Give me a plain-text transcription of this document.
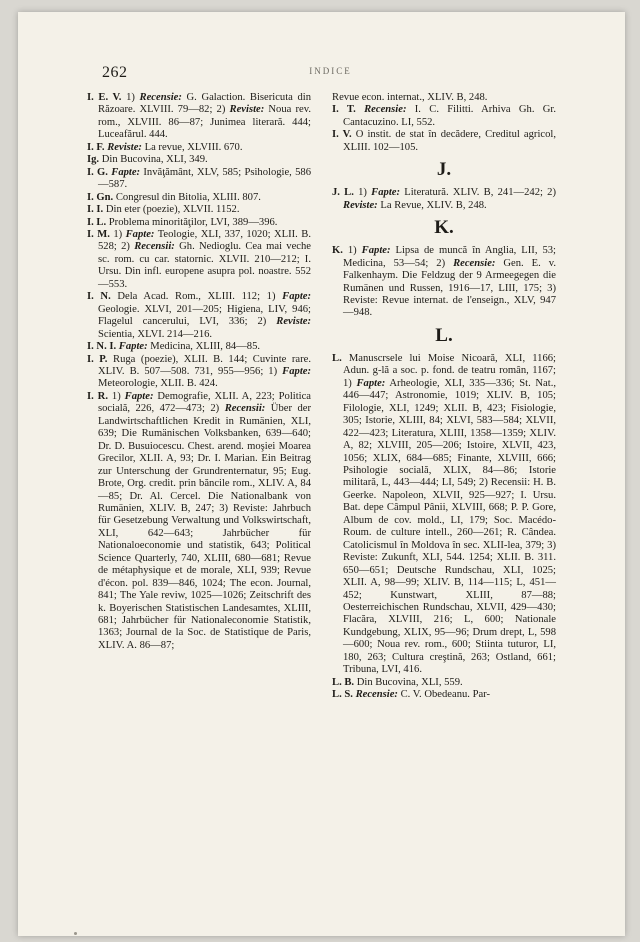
262	INDICE

I. E. V. 1) Recensie: G. Galaction. Bisericuta din Răzoare. XLVIII. 79—82; 2) Reviste: Noua rev. rom., XLVIII. 86—87; Junimea literară. 444; Luceafărul. 444.

I. F. Reviste: La revue, XLVIII. 670.

Ig. Din Bucovina, XLI, 349.

I. G. Fapte: Invăţământ, XLV, 585; Psihologie, 586—587.

I. Gn. Congresul din Bitolia, XLIII. 807.

I. I. Din eter (poezie), XLVII. 1152.

I. L. Problema minorităţilor, LVI, 389—396.

I. M. 1) Fapte: Teologie, XLI, 337, 1020; XLII. B. 528; 2) Recensii: Gh. Nedioglu. Cea mai veche sc. rom. cu car. statornic. XLVII. 210—212; I. Ursu. Din infl. europene asupra pol. noastre. 552—553.

I. N. Dela Acad. Rom., XLIII. 112; 1) Fapte: Geologie. XLVI, 201—205; Higiena, LIV, 946; Flagelul cancerului, LVI, 336; 2) Reviste: Scientia, XLVI. 214—216.

I. N. I. Fapte: Medicina, XLIII, 84—85.

I. P. Ruga (poezie), XLII. B. 144; Cuvinte rare. XLIV. B. 507—508. 731, 955—956; 1) Fapte: Meteorologie, XLII. B. 424.

I. R. 1) Fapte: Demografie, XLII. A, 223; Politica socială, 226, 472—473; 2) Recensii: Über der Landwirtschaftlichen Kredit in Rumänien, XLI, 639; Die Rumänischen Volksbanken, 639—640; Dr. D. Busuiocescu. Chest. arend. moşiei Moarea Grecilor, XLII. A, 93; Dr. I. Marian. Ein Beitrag zur Unterschung der Grundrenternatur, 95; Eug. Brote, Org. credit. prin băncile rom., XLIV. A, 84—85; Dr. Al. Cercel. Die Nationalbank von Rumänien, XLIV. B, 247; 3) Reviste: Jahrbuch für Gesetzebung Verwaltung und Volkswirtschaft, XLI, 642—643; Jahrbücher für Nationaloeconomie und statistik, 643; Political Science Quarterly, 740, XLIII, 680—681; Revue de métaphysique et de morale, XLI, 939; Revue d'écon. pol. 839—846, 1024; The econ. Journal, 841; The Yale reviw, 1025—1026; Zeitschrift des k. Boyerischen Statistischen Landesamtes, XLIII, 681; Jahrbücher für Nationaleconomie Statistik, 1363; Journal de la Soc. de Statistique de Paris, XLIV. A. 86—87;

Revue econ. internat., XLIV. B, 248.

I. T. Recensie: I. C. Filitti. Arhiva Gh. Gr. Cantacuzino. LI, 552.

I. V. O instit. de stat în decădere, Creditul agricol, XLIII. 102—105.

J.

J. L. 1) Fapte: Literatură. XLIV. B, 241—242; 2) Reviste: La Revue, XLIV. B, 248.

K.

K. 1) Fapte: Lipsa de muncă în Anglia, LII, 53; Medicina, 53—54; 2) Recensie: Gen. E. v. Falkenhaym. Die Feldzug der 9 Armeegegen die Rumänen und Russen, 1916—17, LIII, 175; 3) Reviste: Revue internat. de l'enseign., XLV, 947—948.

L.

L. Manuscrsele lui Moise Nicoară, XLI, 1166; Adun. g-lă a soc. p. fond. de teatru român, 1167; 1) Fapte: Arheologie, XLI, 335—336; St. Nat., 446—447; Astronomie, 1019; XLIV. B, 105; Filologie, XLI, 1249; XLII. B, 423; Fisiologie, 305; Istorie, XLIII, 84; XLVI, 583—584; XLVII, 422—423; Literatura, XLIII, 1358—1359; XLIV. A, 82; XLVIII, 205—206; Istoire, XLVII, 423, 1056; XLIX, 684—685; Finante, XLVIII, 666; Psihologie socială, XLIX, 84—86; Istorie militară, L, 443—444; LI, 549; 2) Recensii: H. B. Geerke. Napoleon, XLVII, 925—927; I. Ursu. Bat. depe Câmpul Pânii, XLVIII, 668; P. P. Gore, Album de cov. mold., LI, 179; Soc. Macédo-Roum. de culture intell., 260—261; R. Cândea. Catolicismul în Moldova în sec. XLII-lea, 379; 3) Reviste: Zukunft, XLI, 544. 1254; XLII. B. 311. 650—651; Deutsche Rundschau, XLI, 1025; XLII. A, 98—99; XLIV. B, 114—115; L, 451—452; Kunstwart, XLIII, 87—88; Oesterreichischen Rundschau, XLVII, 429—430; Flacăra, XLVIII, 216; L, 600; Nationale Kundgebung, XLIX, 95—96; Drum drept, L, 598—600; Noua rev. rom., 600; Stiinta tuturor, LI, 180, 263; Cultura creştină, 263; Ostland, 661; Tribuna, LVI, 416.

L. B. Din Bucovina, XLI, 559.

L. S. Recensie: C. V. Obedeanu. Par-
